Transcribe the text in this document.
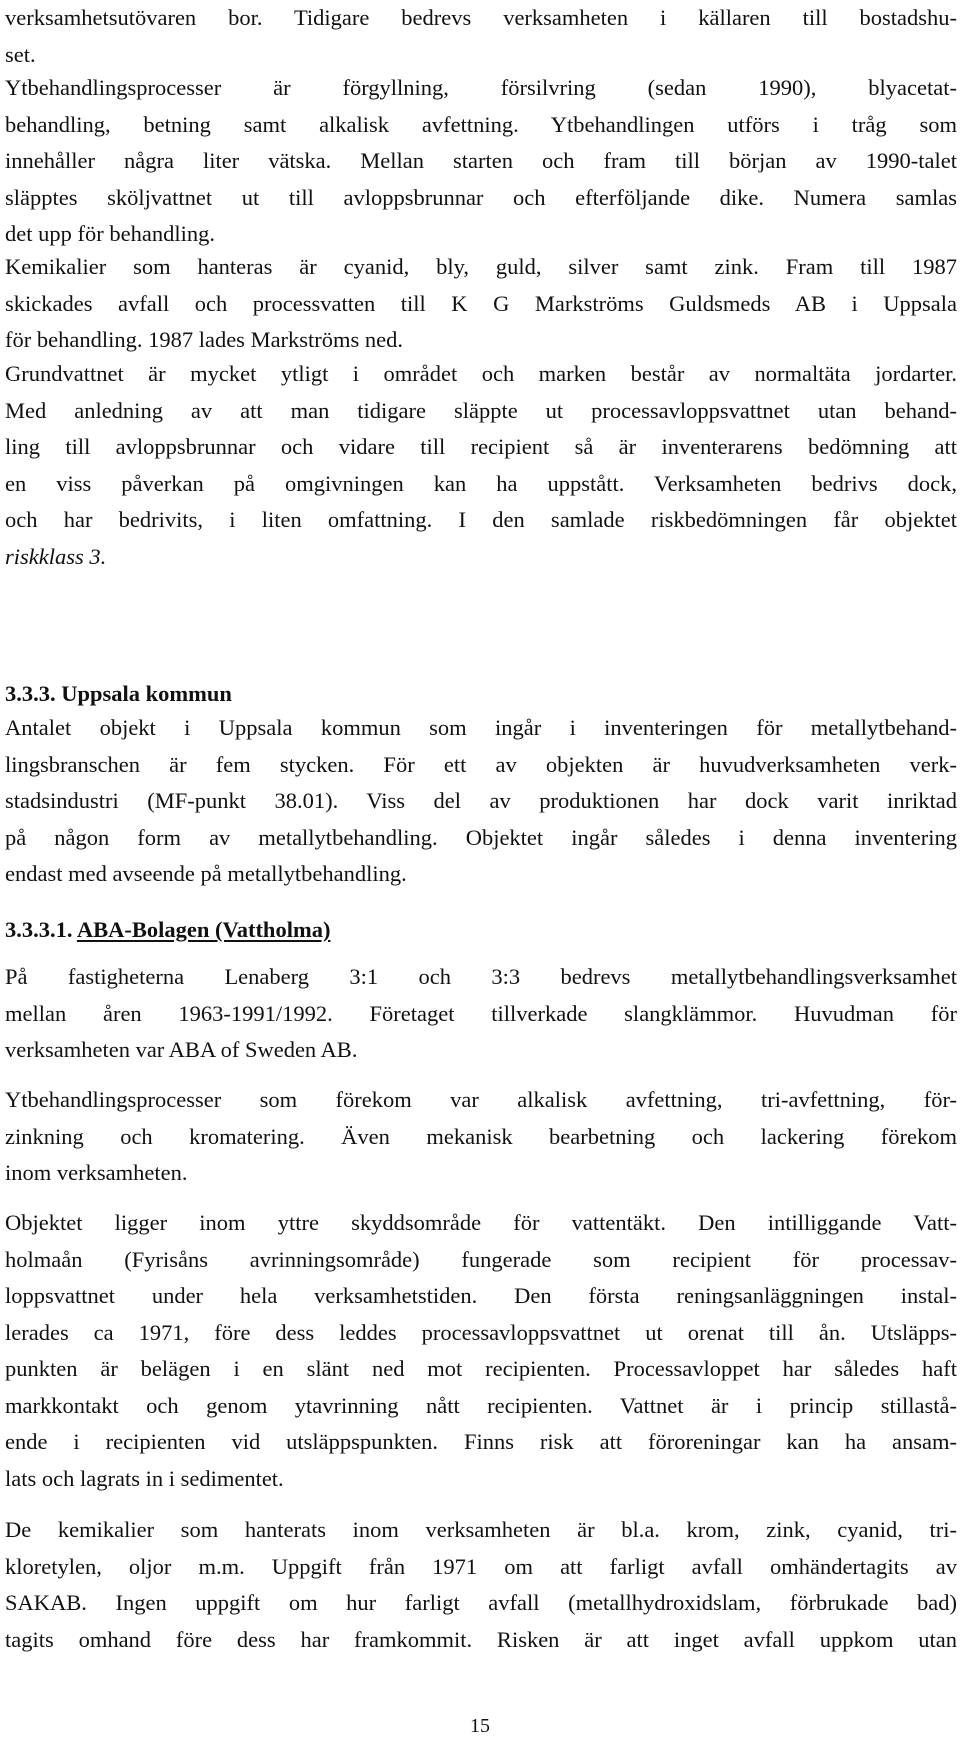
verksamhetsutövaren bor. Tidigare bedrevs verksamheten i källaren till bostadshu-
set.

Ytbehandlingsprocesser är förgyllning, försilvring (sedan 1990), blyacetat-
behandling, betning samt alkalisk avfettning. Ytbehandlingen utförs i tråg som
innehåller några liter vätska. Mellan starten och fram till början av 1990-talet
släpptes sköljvattnet ut till avloppsbrunnar och efterföljande dike. Numera samlas
det upp för behandling.

Kemikalier som hanteras är cyanid, bly, guld, silver samt zink. Fram till 1987
skickades avfall och processvatten till K G Markströms Guldsmeds AB i Uppsala
för behandling. 1987 lades Markströms ned.

Grundvattnet är mycket ytligt i området och marken består av normaltäta jordarter.
Med anledning av att man tidigare släppte ut processavloppsvattnet utan behand-
ling till avloppsbrunnar och vidare till recipient så är inventerarens bedömning att
en viss påverkan på omgivningen kan ha uppstått. Verksamheten bedrivs dock,
och har bedrivits, i liten omfattning. I den samlade riskbedömningen får objektet
riskklass 3.

3.3.3. Uppsala kommun

Antalet objekt i Uppsala kommun som ingår i inventeringen för metallytbehand-
lingsbranschen är fem stycken. För ett av objekten är huvudverksamheten verk-
stadsindustri (MF-punkt 38.01). Viss del av produktionen har dock varit inriktad
på någon form av metallytbehandling. Objektet ingår således i denna inventering
endast med avseende på metallytbehandling.

3.3.3.1. ABA-Bolagen (Vattholma)

På fastigheterna Lenaberg 3:1 och 3:3 bedrevs metallytbehandlingsverksamhet
mellan åren 1963-1991/1992. Företaget tillverkade slangklämmor. Huvudman för
verksamheten var ABA of Sweden AB.

Ytbehandlingsprocesser som förekom var alkalisk avfettning, tri-avfettning, för-
zinkning och kromatering. Även mekanisk bearbetning och lackering förekom
inom verksamheten.

Objektet ligger inom yttre skyddsområde för vattentäkt. Den intilliggande Vatt-
holmaån (Fyrisåns avrinningsområde) fungerade som recipient för processav-
loppsvattnet under hela verksamhetstiden. Den första reningsanläggningen instal-
lerades ca 1971, före dess leddes processavloppsvattnet ut orenat till ån. Utsläpps-
punkten är belägen i en slänt ned mot recipienten. Processavloppet har således haft
markkontakt och genom ytavrinning nått recipienten. Vattnet är i princip stillastå-
ende i recipienten vid utsläppspunkten. Finns risk att föroreningar kan ha ansam-
lats och lagrats in i sedimentet.

De kemikalier som hanterats inom verksamheten är bl.a. krom, zink, cyanid, tri-
kloretylen, oljor m.m. Uppgift från 1971 om att farligt avfall omhändertagits av
SAKAB. Ingen uppgift om hur farligt avfall (metallhydroxidslam, förbrukade bad)
tagits omhand före dess har framkommit. Risken är att inget avfall uppkom utan

15
